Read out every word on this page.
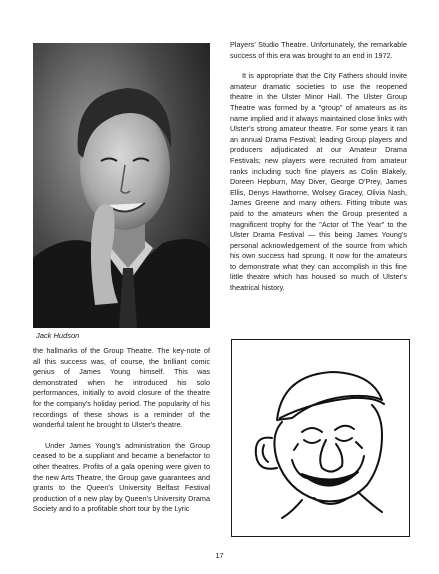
Jack Hudson

the hallmarks of the Group Theatre. The key-note of all this success was, of course, the brilliant comic genius of James Young himself. This was demonstrated when he introduced his solo performances, initially to avoid closure of the theatre for the company's holiday period. The popularity of his recordings of these shows is a reminder of the wonderful talent he brought to Ulster's theatre.

Under James Young's administration the Group ceased to be a suppliant and became a benefactor to other theatres. Profits of a gala opening were given to the new Arts Theatre, the Group gave guarantees and grants to the Queen's University Belfast Festival production of a new play by Queen's University Drama Society and to a profitable short tour by the Lyric

Players' Studio Theatre. Unfortunately, the remarkable success of this era was brought to an end in 1972.

It is appropriate that the City Fathers should invite amateur dramatic societies to use the reopened theatre in the Ulster Minor Hall. The Ulster Group Theatre was formed by a "group" of amateurs as its name implied and it always maintained close links with Ulster's strong amateur theatre. For some years it ran an annual Drama Festival; leading Group players and producers adjudicated at our Amateur Drama Festivals; new players were recruited from amateur ranks including such fine players as Colin Blakely, Doreen Hepburn, May Diver, George O'Prey, James Ellis, Denys Hawthorne, Wolsey Gracey, Olivia Nash, James Greene and many others. Fitting tribute was paid to the amateurs when the Group presented a magnificent trophy for the "Actor of The Year" to the Ulster Drama Festival — this being James Young's personal acknowledgement of the source from which his own success had sprung. It now for the amateurs to demonstrate what they can accomplish in this fine little theatre which has housed so much of Ulster's theatrical history.

17
